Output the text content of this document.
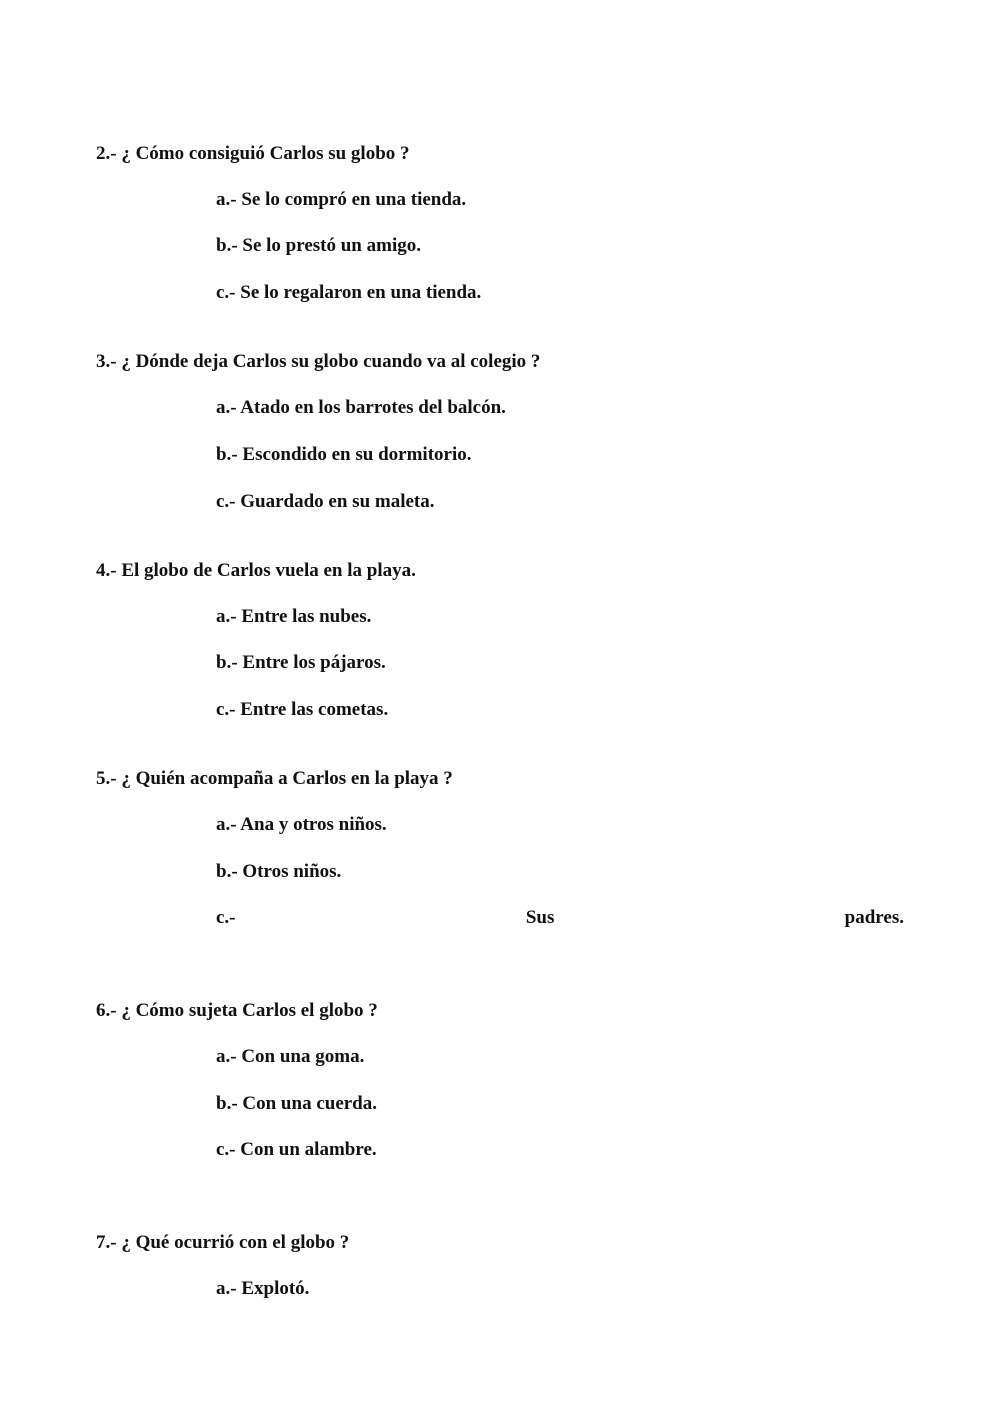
2.- ¿ Cómo consiguió Carlos su globo ?
a.- Se lo compró en una tienda.
b.- Se lo prestó un amigo.
c.- Se lo regalaron en una tienda.
3.- ¿ Dónde deja Carlos su globo cuando va al colegio ?
a.- Atado en los barrotes del balcón.
b.- Escondido en su dormitorio.
c.- Guardado en su maleta.
4.- El globo de Carlos vuela en la playa.
a.- Entre las nubes.
b.- Entre los pájaros.
c.- Entre las cometas.
5.- ¿ Quién acompaña a Carlos en la playa ?
a.- Ana y otros niños.
b.- Otros niños.
c.-	Sus	padres.
6.- ¿ Cómo sujeta Carlos el globo ?
a.- Con una goma.
b.- Con una cuerda.
c.- Con un alambre.
7.- ¿ Qué ocurrió con el globo ?
a.- Explotó.
